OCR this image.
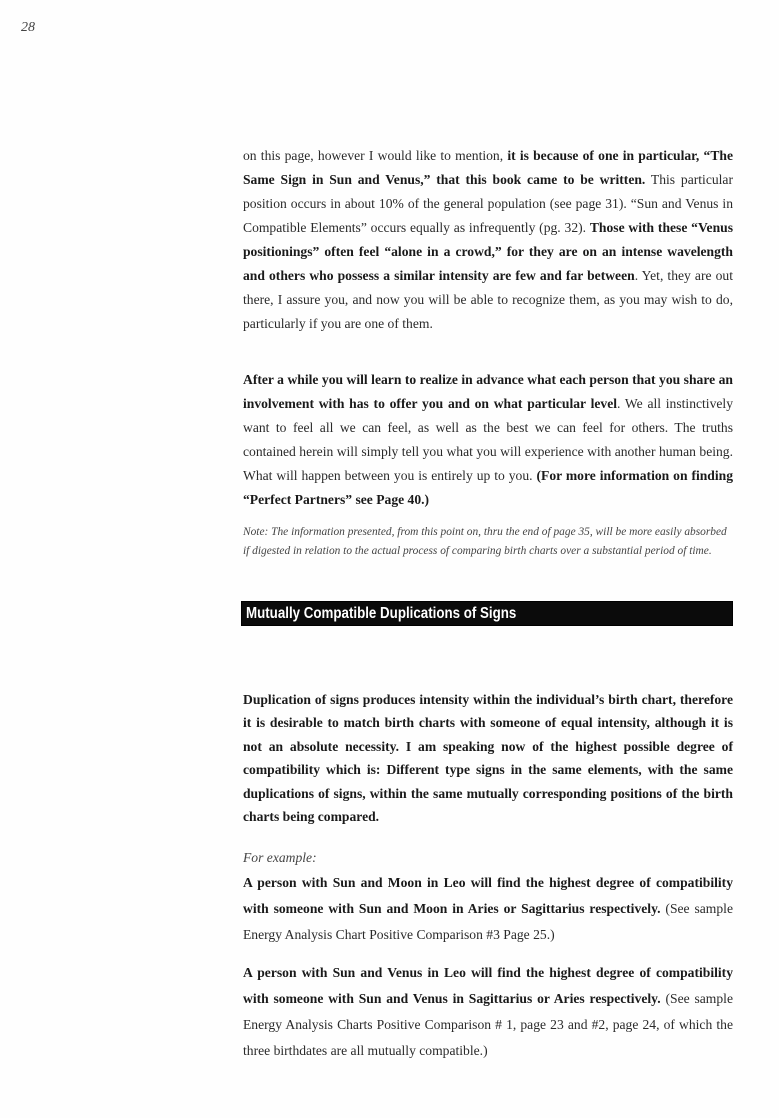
28
on this page, however I would like to mention, it is because of one in particular, “The Same Sign in Sun and Venus,” that this book came to be written. This particular position occurs in about 10% of the general population (see page 31). “Sun and Venus in Compatible Elements” occurs equally as infrequently (pg. 32). Those with these “Venus positionings” often feel “alone in a crowd,” for they are on an intense wavelength and others who possess a similar intensity are few and far between. Yet, they are out there, I assure you, and now you will be able to recognize them, as you may wish to do, particularly if you are one of them.
After a while you will learn to realize in advance what each person that you share an involvement with has to offer you and on what particular level. We all instinctively want to feel all we can feel, as well as the best we can feel for others. The truths contained herein will simply tell you what you will experience with another human being. What will happen between you is entirely up to you. (For more information on finding “Perfect Partners” see Page 40.)
Note: The information presented, from this point on, thru the end of page 35, will be more easily absorbed if digested in relation to the actual process of comparing birth charts over a substantial period of time.
Mutually Compatible Duplications of Signs
Duplication of signs produces intensity within the individual’s birth chart, therefore it is desirable to match birth charts with someone of equal intensity, although it is not an absolute necessity. I am speaking now of the highest possible degree of compatibility which is: Different type signs in the same elements, with the same duplications of signs, within the same mutually corresponding positions of the birth charts being compared.
For example:
A person with Sun and Moon in Leo will find the highest degree of compatibility with someone with Sun and Moon in Aries or Sagittarius respectively. (See sample Energy Analysis Chart Positive Comparison #3 Page 25.)
A person with Sun and Venus in Leo will find the highest degree of compatibility with someone with Sun and Venus in Sagittarius or Aries respectively. (See sample Energy Analysis Charts Positive Comparison # 1, page 23 and #2, page 24, of which the three birthdates are all mutually compatible.)
